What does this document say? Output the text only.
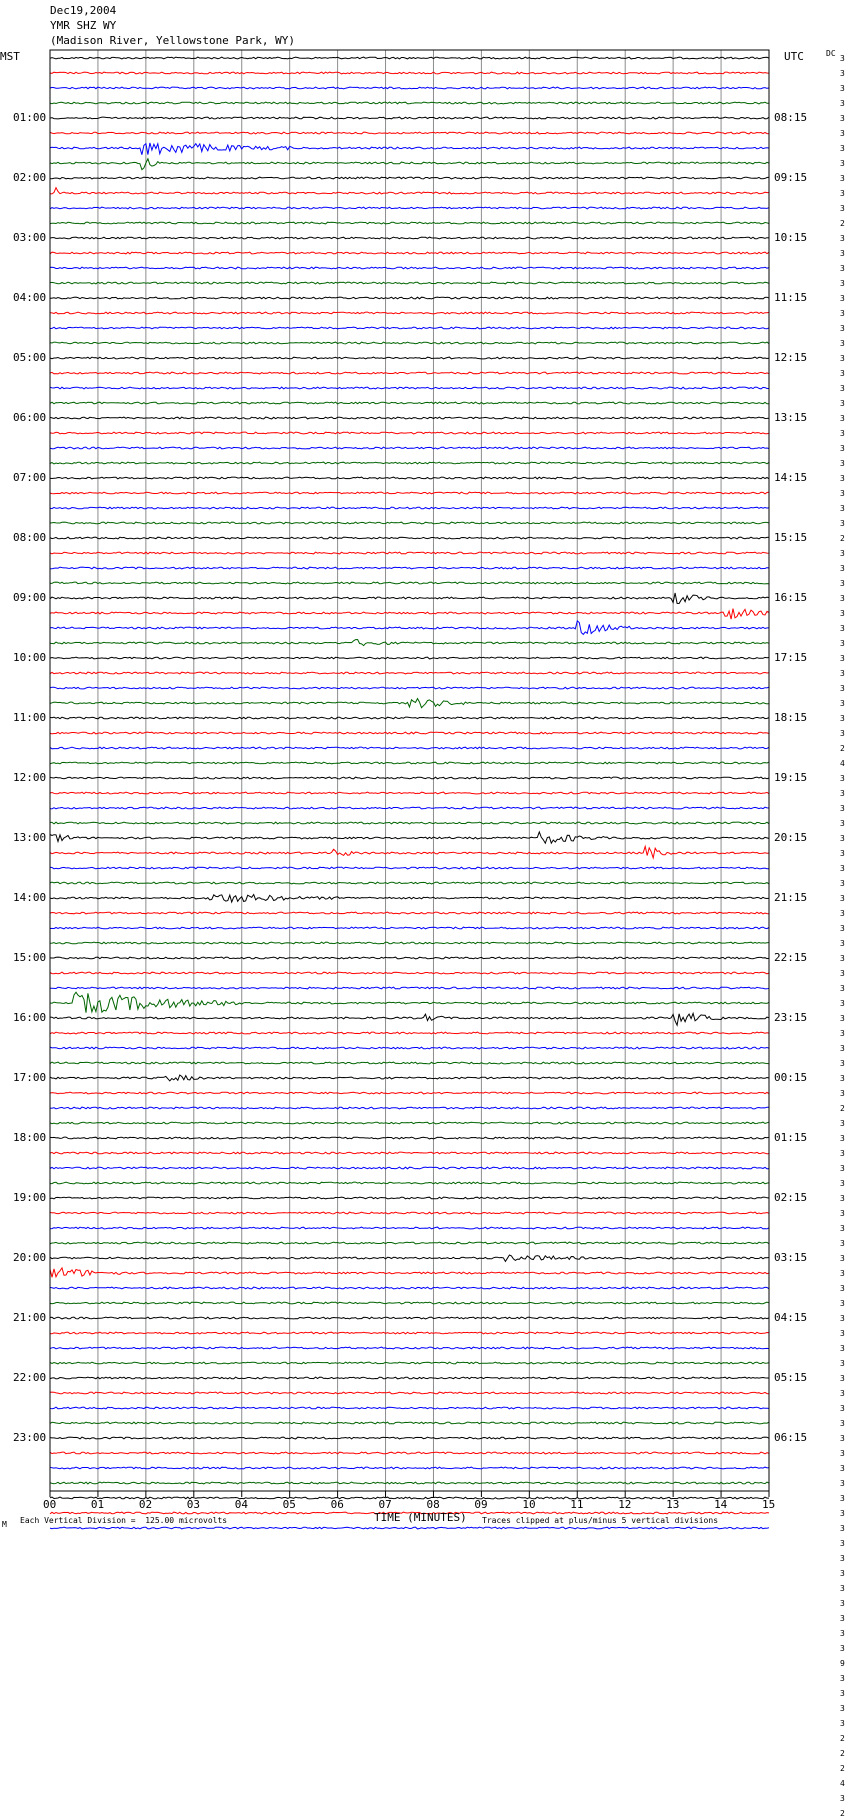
Dec19,2004
YMR SHZ WY
(Madison River, Yellowstone Park, WY)
MST	UTC	DC
00	01	02	03	04	05	06	07	08	09	10	11	12	13	14	15
01:00
02:00
03:00
04:00
05:00
06:00
07:00
08:00
09:00
10:00
11:00
12:00
13:00
14:00
15:00
16:00
17:00
18:00
19:00
20:00
21:00
22:00
23:00
08:15
09:15
10:15
11:15
12:15
13:15
14:15
15:15
16:15
17:15
18:15
19:15
20:15
21:15
22:15
23:15
00:15
01:15
02:15
03:15
04:15
05:15
06:15
3
3
3
3
3
3
3
3
3
3
3
2
3
3
3
3
3
3
3
3
3
3
3
3
3
3
3
3
3
3
3
3
2
3
3
3
3
3
3
3
3
3
3
3
3
3
2
4
3
3
3
3
3
3
3
3
3
3
3
3
3
3
3
3
3
3
3
3
3
3
2
3
3
3
3
3
3
3
3
3
3
3
3
3
3
3
3
3
3
3
3
3
3
3
3
3
3
3
3
3
3
3
3
3
3
3
3
9
3
3
3
3
2
2
2
4
3
2
TIME (MINUTES)
Each Vertical Division =  125.00 microvolts	Traces clipped at plus/minus 5 vertical divisions
M
